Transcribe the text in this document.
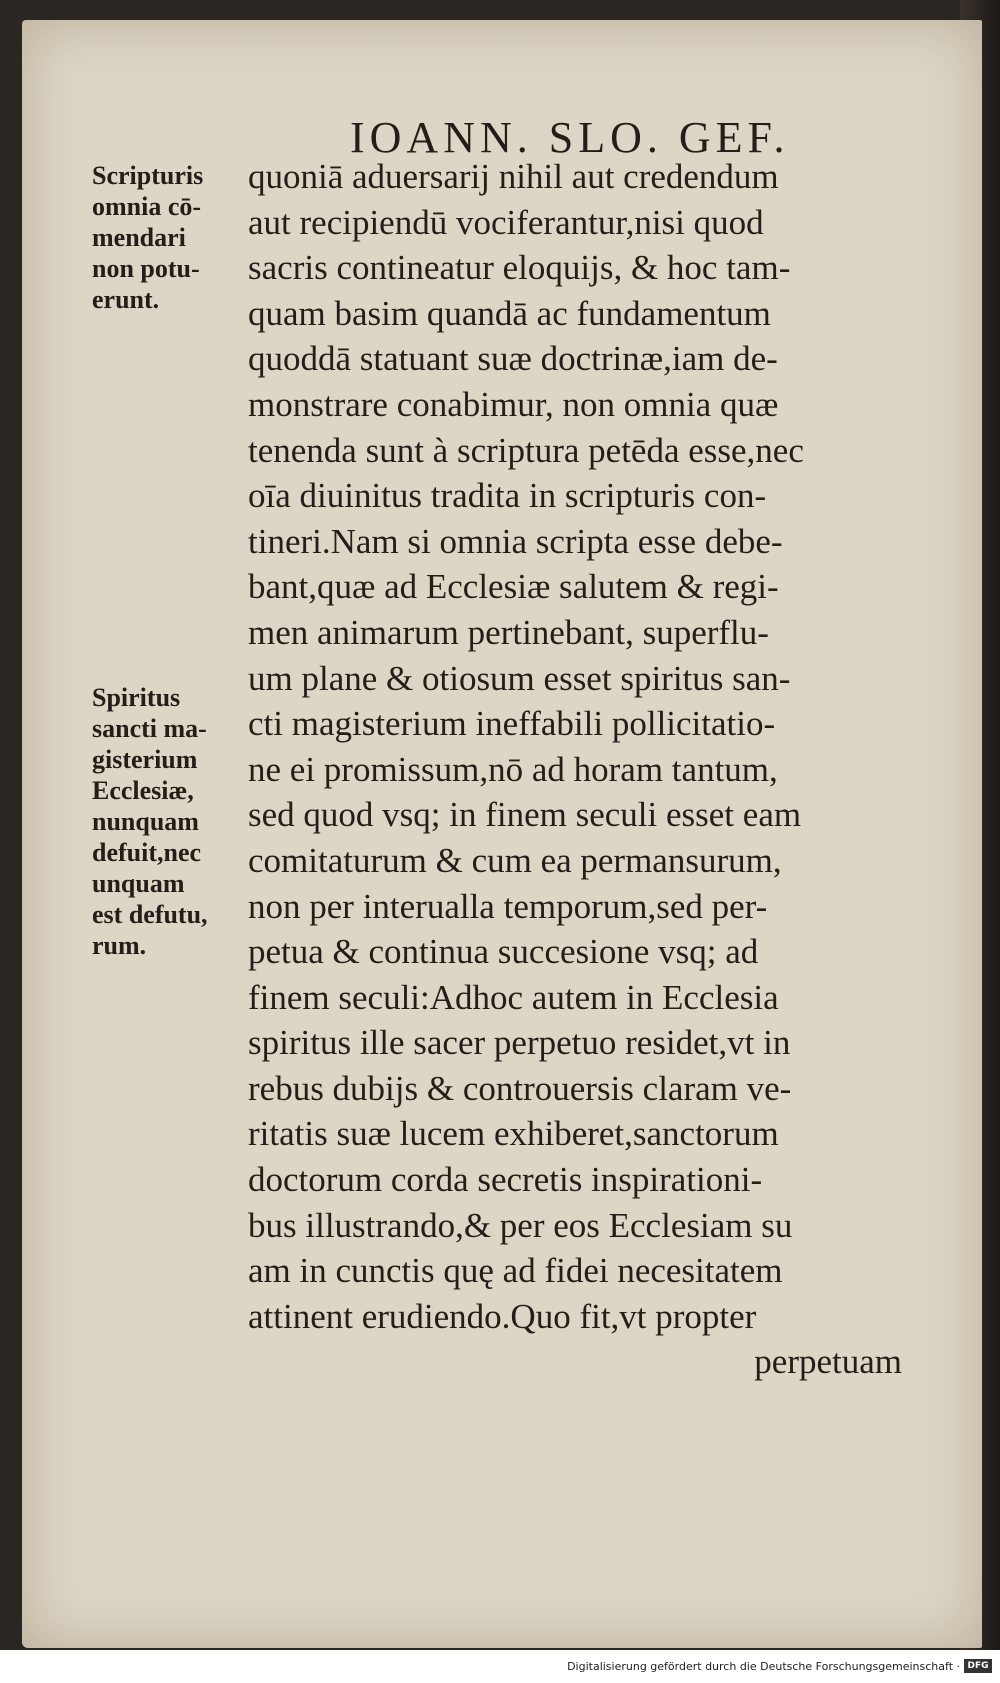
IOANN. SLO. GEF.
Scripturis
omnia cō-
mendari
non potu-
erunt.
Spiritus
sancti ma-
gisterium
Ecclesiæ,
nunquam
defuit,nec
unquam
est defutu,
rum.
quoniā aduersarij nihil aut credendum
aut recipiendū vociferantur,nisi quod
sacris contineatur eloquijs, & hoc tam-
quam basim quandā ac fundamentum
quoddā statuant suæ doctrinæ,iam de-
monstrare conabimur, non omnia quæ
tenenda sunt à scriptura petēda esse,nec
oīa diuinitus tradita in scripturis con-
tineri.Nam si omnia scripta esse debe-
bant,quæ ad Ecclesiæ salutem & regi-
men animarum pertinebant, superflu-
um plane & otiosum esset spiritus san-
cti magisterium ineffabili pollicitatio-
ne ei promissum,nō ad horam tantum,
sed quod vsq; in finem seculi esset eam
comitaturum & cum ea permansurum,
non per interualla temporum,sed per-
petua & continua succesione vsq; ad
finem seculi:Adhoc autem in Ecclesia
spiritus ille sacer perpetuo residet,vt in
rebus dubijs & controuersis claram ve-
ritatis suæ lucem exhiberet,sanctorum
doctorum corda secretis inspirationi-
bus illustrando,& per eos Ecclesiam su
am in cunctis quę ad fidei necesitatem
attinent erudiendo.Quo fit,vt propter
perpetuam
Digitalisierung gefördert durch die Deutsche Forschungsgemeinschaft · DFG
